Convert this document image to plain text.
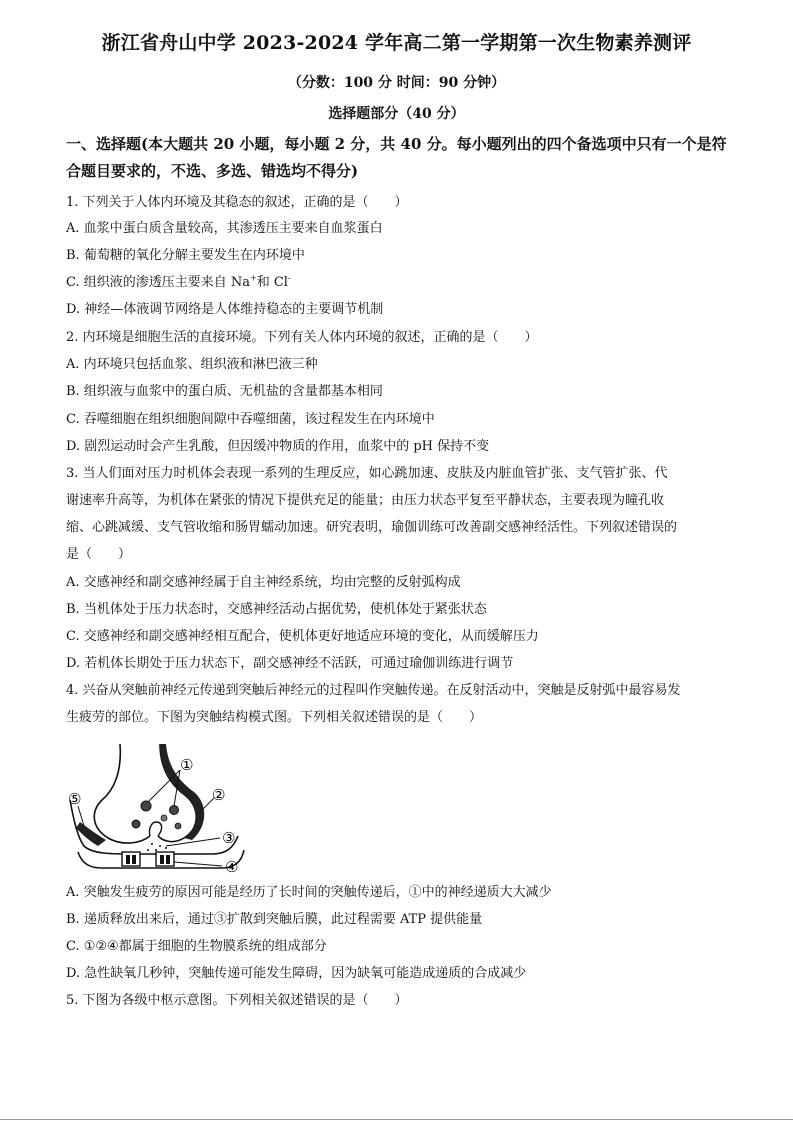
浙江省舟山中学 2023-2024 学年高二第一学期第一次生物素养测评
（分数：100 分 时间：90 分钟）
选择题部分（40 分）
一、选择题(本大题共 20 小题，每小题 2 分，共 40 分。每小题列出的四个备选项中只有一个是符合题目要求的，不选、多选、错选均不得分)
1. 下列关于人体内环境及其稳态的叙述，正确的是（　　）
A. 血浆中蛋白质含量较高，其渗透压主要来自血浆蛋白
B. 葡萄糖的氧化分解主要发生在内环境中
C. 组织液的渗透压主要来自 Na+和 Cl-
D. 神经—体液调节网络是人体维持稳态的主要调节机制
2. 内环境是细胞生活的直接环境。下列有关人体内环境的叙述，正确的是（　　）
A. 内环境只包括血浆、组织液和淋巴液三种
B. 组织液与血浆中的蛋白质、无机盐的含量都基本相同
C. 吞噬细胞在组织细胞间隙中吞噬细菌，该过程发生在内环境中
D. 剧烈运动时会产生乳酸，但因缓冲物质的作用，血浆中的 pH 保持不变
3. 当人们面对压力时机体会表现一系列的生理反应，如心跳加速、皮肤及内脏血管扩张、支气管扩张、代
谢速率升高等，为机体在紧张的情况下提供充足的能量；由压力状态平复至平静状态，主要表现为瞳孔收
缩、心跳减缓、支气管收缩和肠胃蠕动加速。研究表明，瑜伽训练可改善副交感神经活性。下列叙述错误的
是（　　）
A. 交感神经和副交感神经属于自主神经系统，均由完整的反射弧构成
B. 当机体处于压力状态时，交感神经活动占据优势，使机体处于紧张状态
C. 交感神经和副交感神经相互配合，使机体更好地适应环境的变化，从而缓解压力
D. 若机体长期处于压力状态下，副交感神经不活跃，可通过瑜伽训练进行调节
4. 兴奋从突触前神经元传递到突触后神经元的过程叫作突触传递。在反射活动中，突触是反射弧中最容易发
生疲劳的部位。下图为突触结构模式图。下列相关叙述错误的是（　　）
①
②
③
④
⑤
A. 突触发生疲劳的原因可能是经历了长时间的突触传递后，①中的神经递质大大减少
B. 递质释放出来后，通过③扩散到突触后膜，此过程需要 ATP 提供能量
C. ①②④都属于细胞的生物膜系统的组成部分
D. 急性缺氧几秒钟，突触传递可能发生障碍，因为缺氧可能造成递质的合成减少
5. 下图为各级中枢示意图。下列相关叙述错误的是（　　）
